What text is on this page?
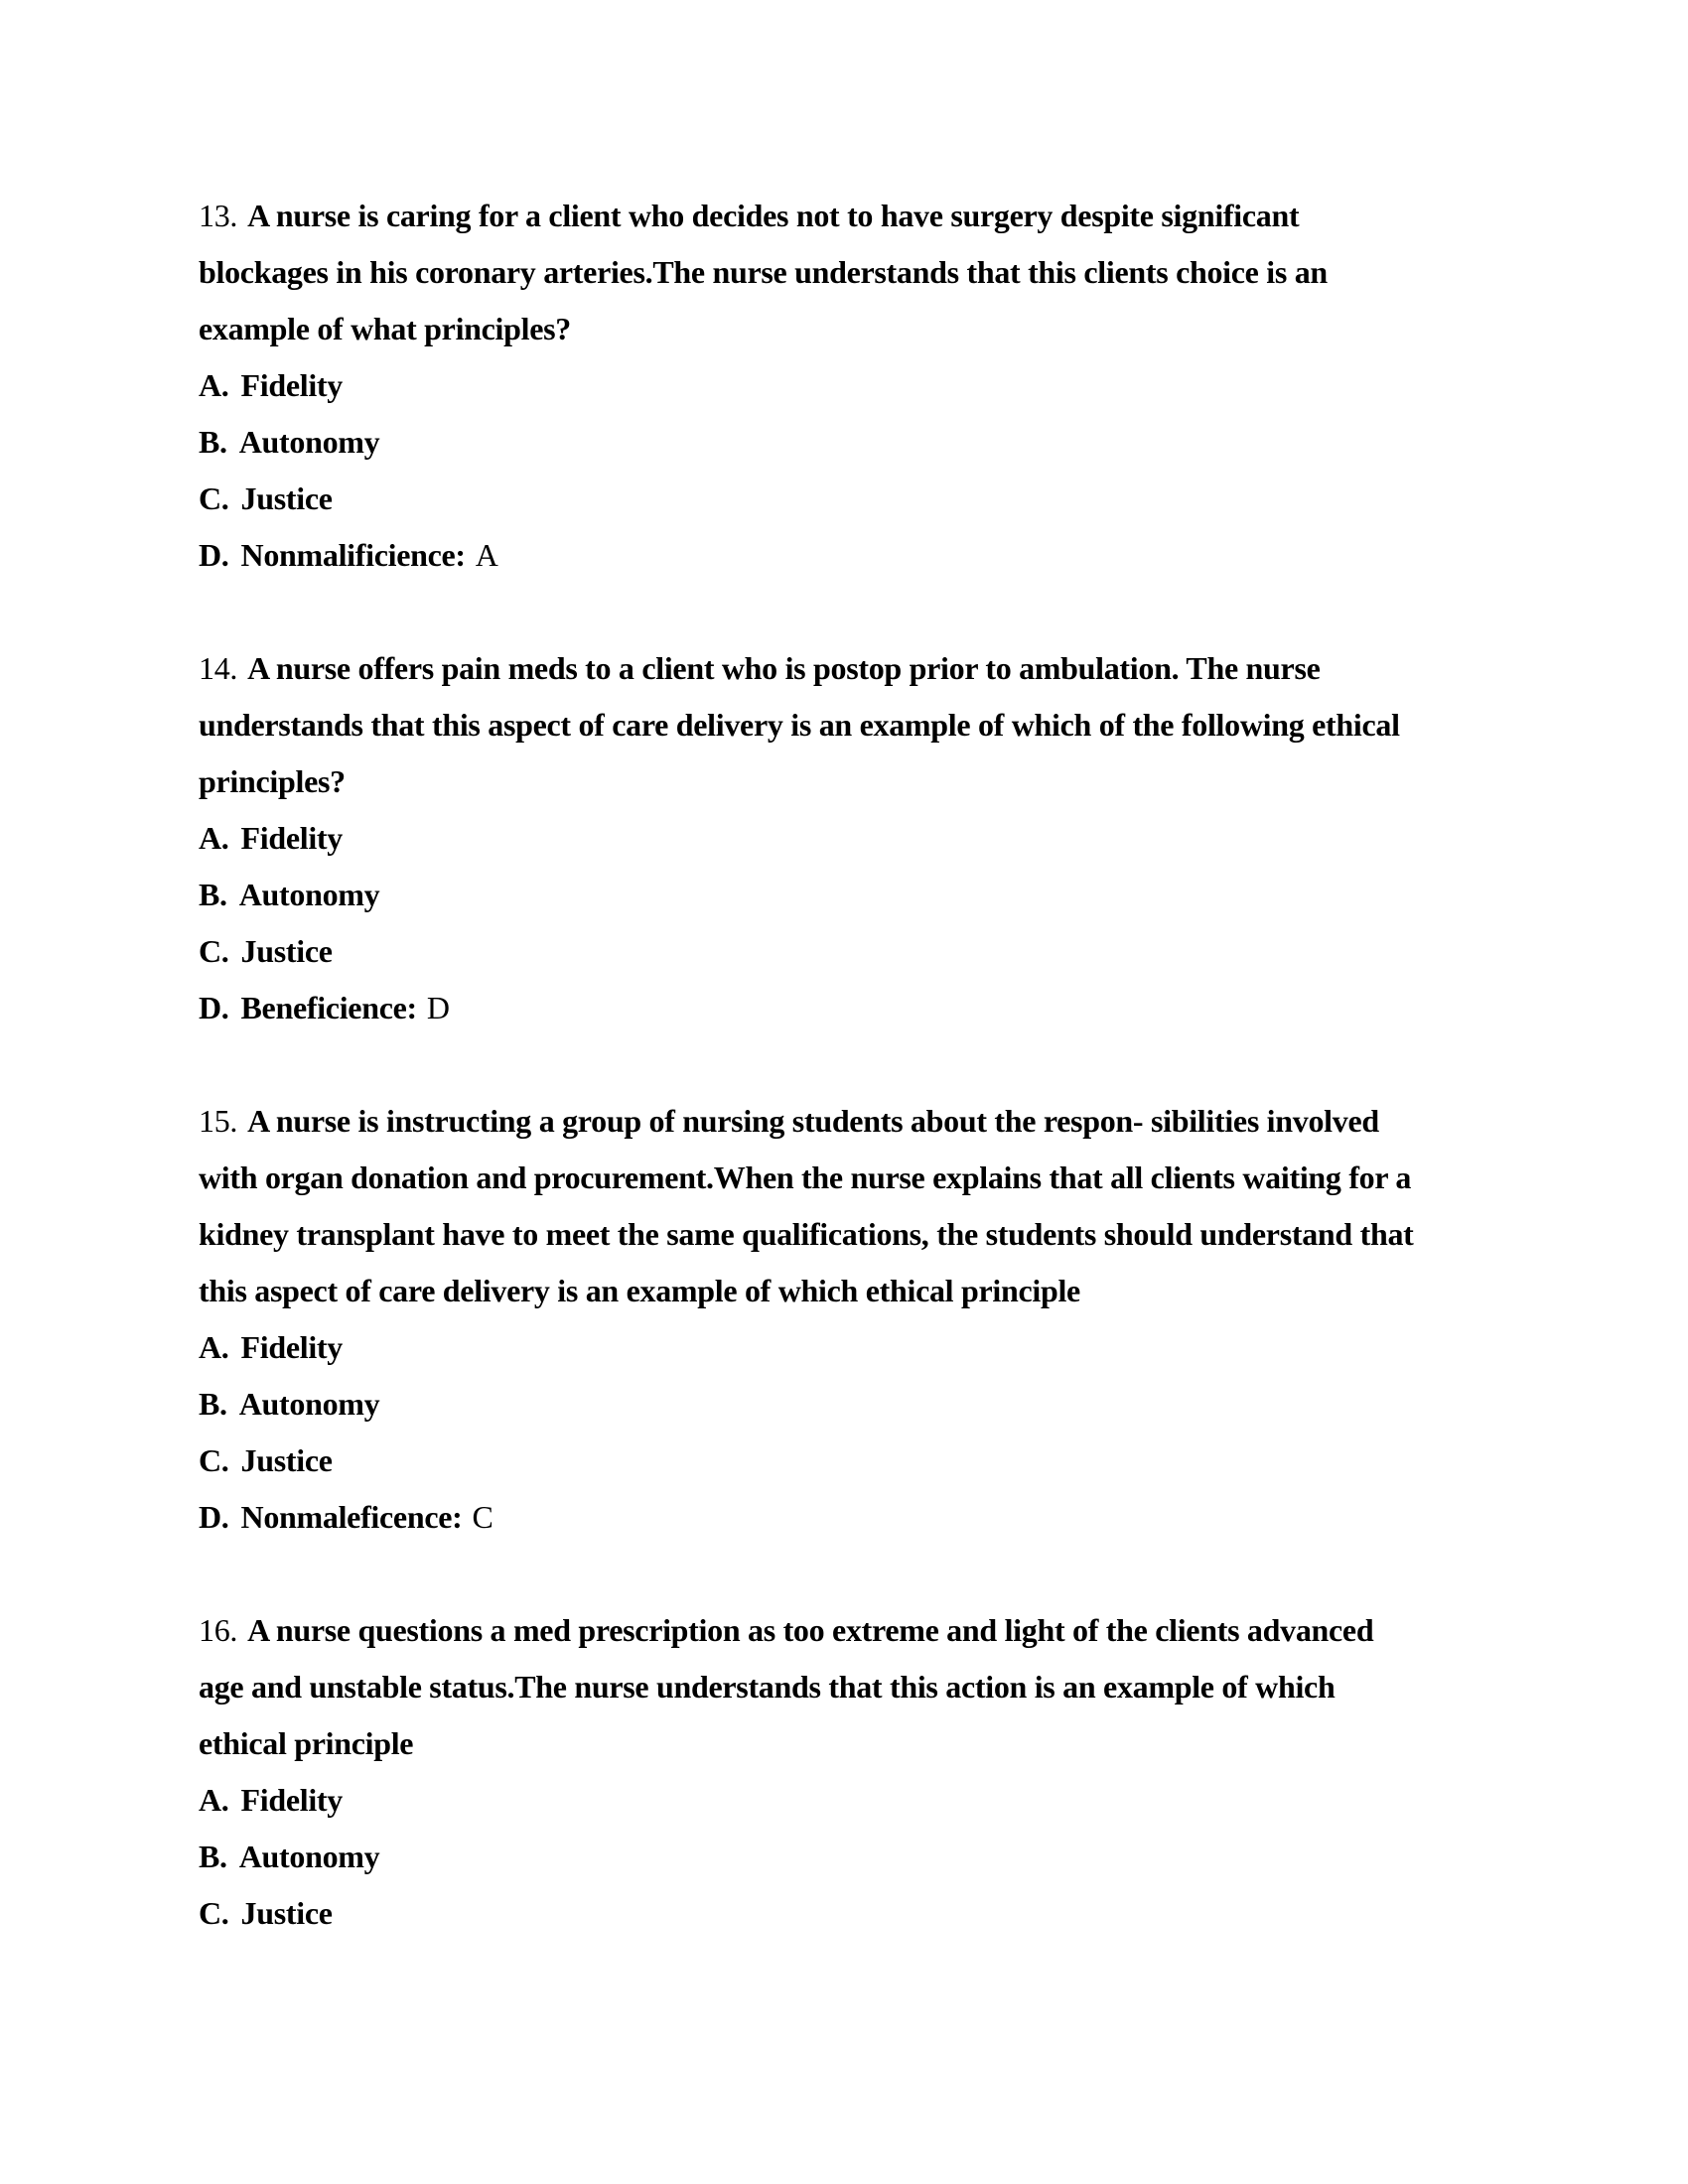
13. A nurse is caring for a client who decides not to have surgery despite significant
blockages in his coronary arteries.The nurse understands that this clients choice is an
example of what principles?
A. Fidelity
B. Autonomy
C. Justice
D. Nonmalificience: A
14. A nurse offers pain meds to a client who is postop prior to ambulation. The nurse
understands that this aspect of care delivery is an example of which of the following ethical
principles?
A. Fidelity
B. Autonomy
C. Justice
D. Beneficience: D
15. A nurse is instructing a group of nursing students about the respon- sibilities involved
with organ donation and procurement.When the nurse explains that all clients waiting for a
kidney transplant have to meet the same qualifications, the students should understand that
this aspect of care delivery is an example of which ethical principle
A. Fidelity
B. Autonomy
C. Justice
D. Nonmaleficence: C
16. A nurse questions a med prescription as too extreme and light of the clients advanced
age and unstable status.The nurse understands that this action is an example of which
ethical principle
A. Fidelity
B. Autonomy
C. Justice
